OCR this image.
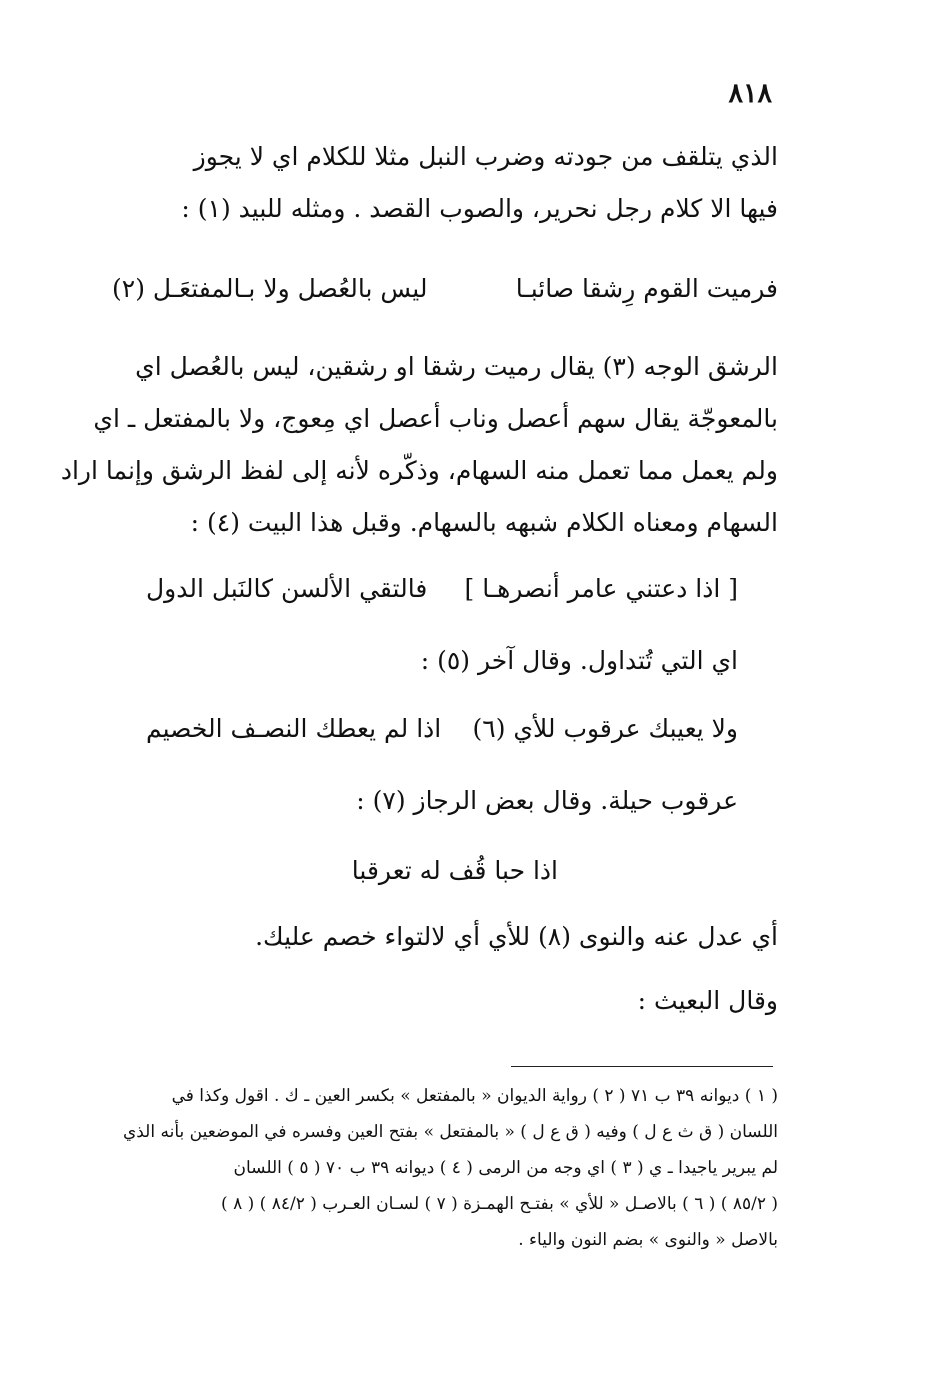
٨١٨
الذي يتلقف من جودته وضرب النبل مثلا للكلام اي لا يجوز
فيها الا كلام رجل نحرير، والصوب القصد . ومثله للبيد (١) :
فرميت القوم رِشقا صائبـا
ليس بالعُصل ولا بـالمفتعَـل (٢)
الرشق الوجه (٣) يقال رميت رشقا او رشقين، ليس بالعُصل اي
بالمعوجّة يقال سهم أعصل وناب أعصل اي مِعوج، ولا بالمفتعل ـ اي
ولم يعمل مما تعمل منه السهام، وذكّره لأنه إلى لفظ الرشق وإنما اراد
السهام ومعناه الكلام شبهه بالسهام. وقبل هذا البيت (٤) :
[ اذا دعتني عامر أنصرهـا ]
فالتقي الألسن كالنَبل الدول
اي التي تُتداول. وقال آخر (٥) :
ولا يعيبك عرقوب للأي (٦)
اذا لم يعطك النصـف الخصيم
عرقوب حيلة. وقال بعض الرجاز (٧) :
اذا حبا قُف له تعرقبا
أي عدل عنه والنوى (٨) للأي أي لالتواء خصم عليك.
وقال البعيث :
( ١ ) ديوانه ٣٩ ب ٧١ ( ٢ ) رواية الديوان « بالمفتعل » بكسر العين ـ ك . اقول وكذا في
اللسان ( ق ث ع ل ) وفيه ( ق ع ل ) « بالمفتعل » بفتح العين وفسره في الموضعين بأنه الذي
لم يبرير ياجيدا ـ ي ( ٣ ) اي وجه من الرمى ( ٤ ) ديوانه ٣٩ ب ٧٠ ( ٥ ) اللسان
( ٨٥/٢ ) ( ٦ ) بالاصـل « للأي » بفتـح الهمـزة ( ٧ ) لسـان العـرب ( ٨٤/٢ ) ( ٨ )
بالاصل « والنوى » بضم النون والياء .
